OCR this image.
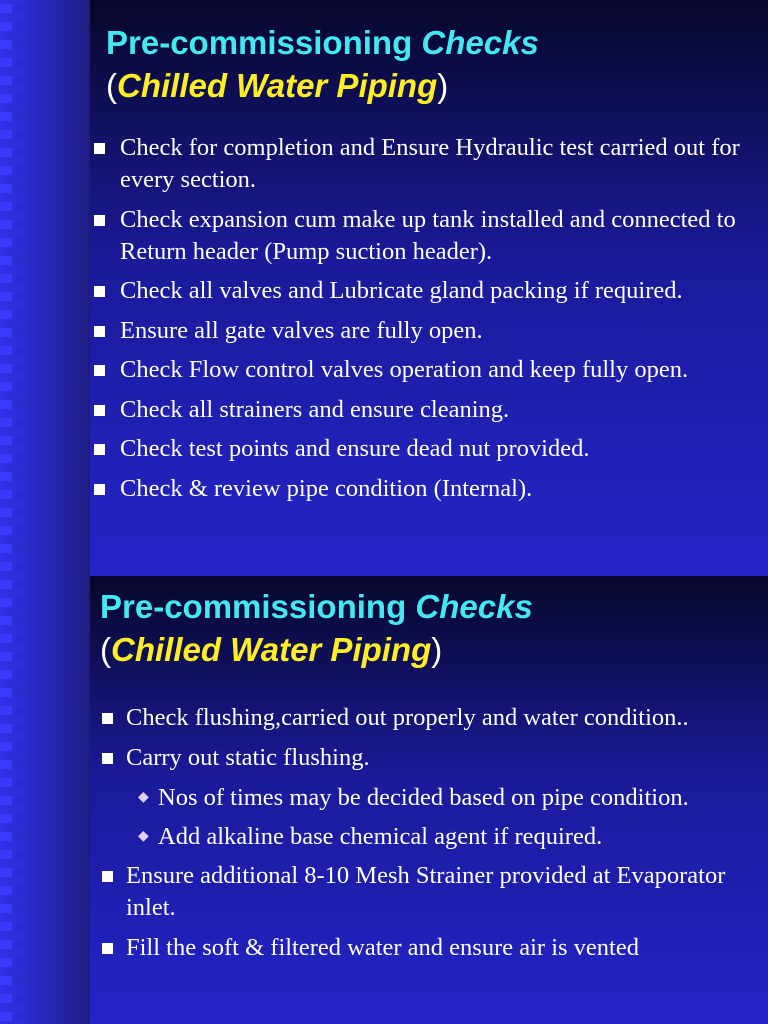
Pre-commissioning Checks
(Chilled Water Piping)
Check for completion and Ensure Hydraulic test carried out for every section.
Check expansion cum make up tank installed and connected to Return header (Pump suction header).
Check all valves and Lubricate gland packing if required.
Ensure all gate valves are fully open.
Check Flow control valves operation and keep fully open.
Check all strainers and ensure cleaning.
Check test points and ensure dead nut provided.
Check & review pipe condition (Internal).
Pre-commissioning Checks
(Chilled Water Piping)
Check flushing,carried out properly and water condition..
Carry out static flushing.
◆ Nos of times may be decided based on pipe condition.
◆ Add alkaline base chemical agent if required.
Ensure additional 8-10 Mesh Strainer provided at Evaporator inlet.
Fill the soft & filtered water and ensure air is vented
